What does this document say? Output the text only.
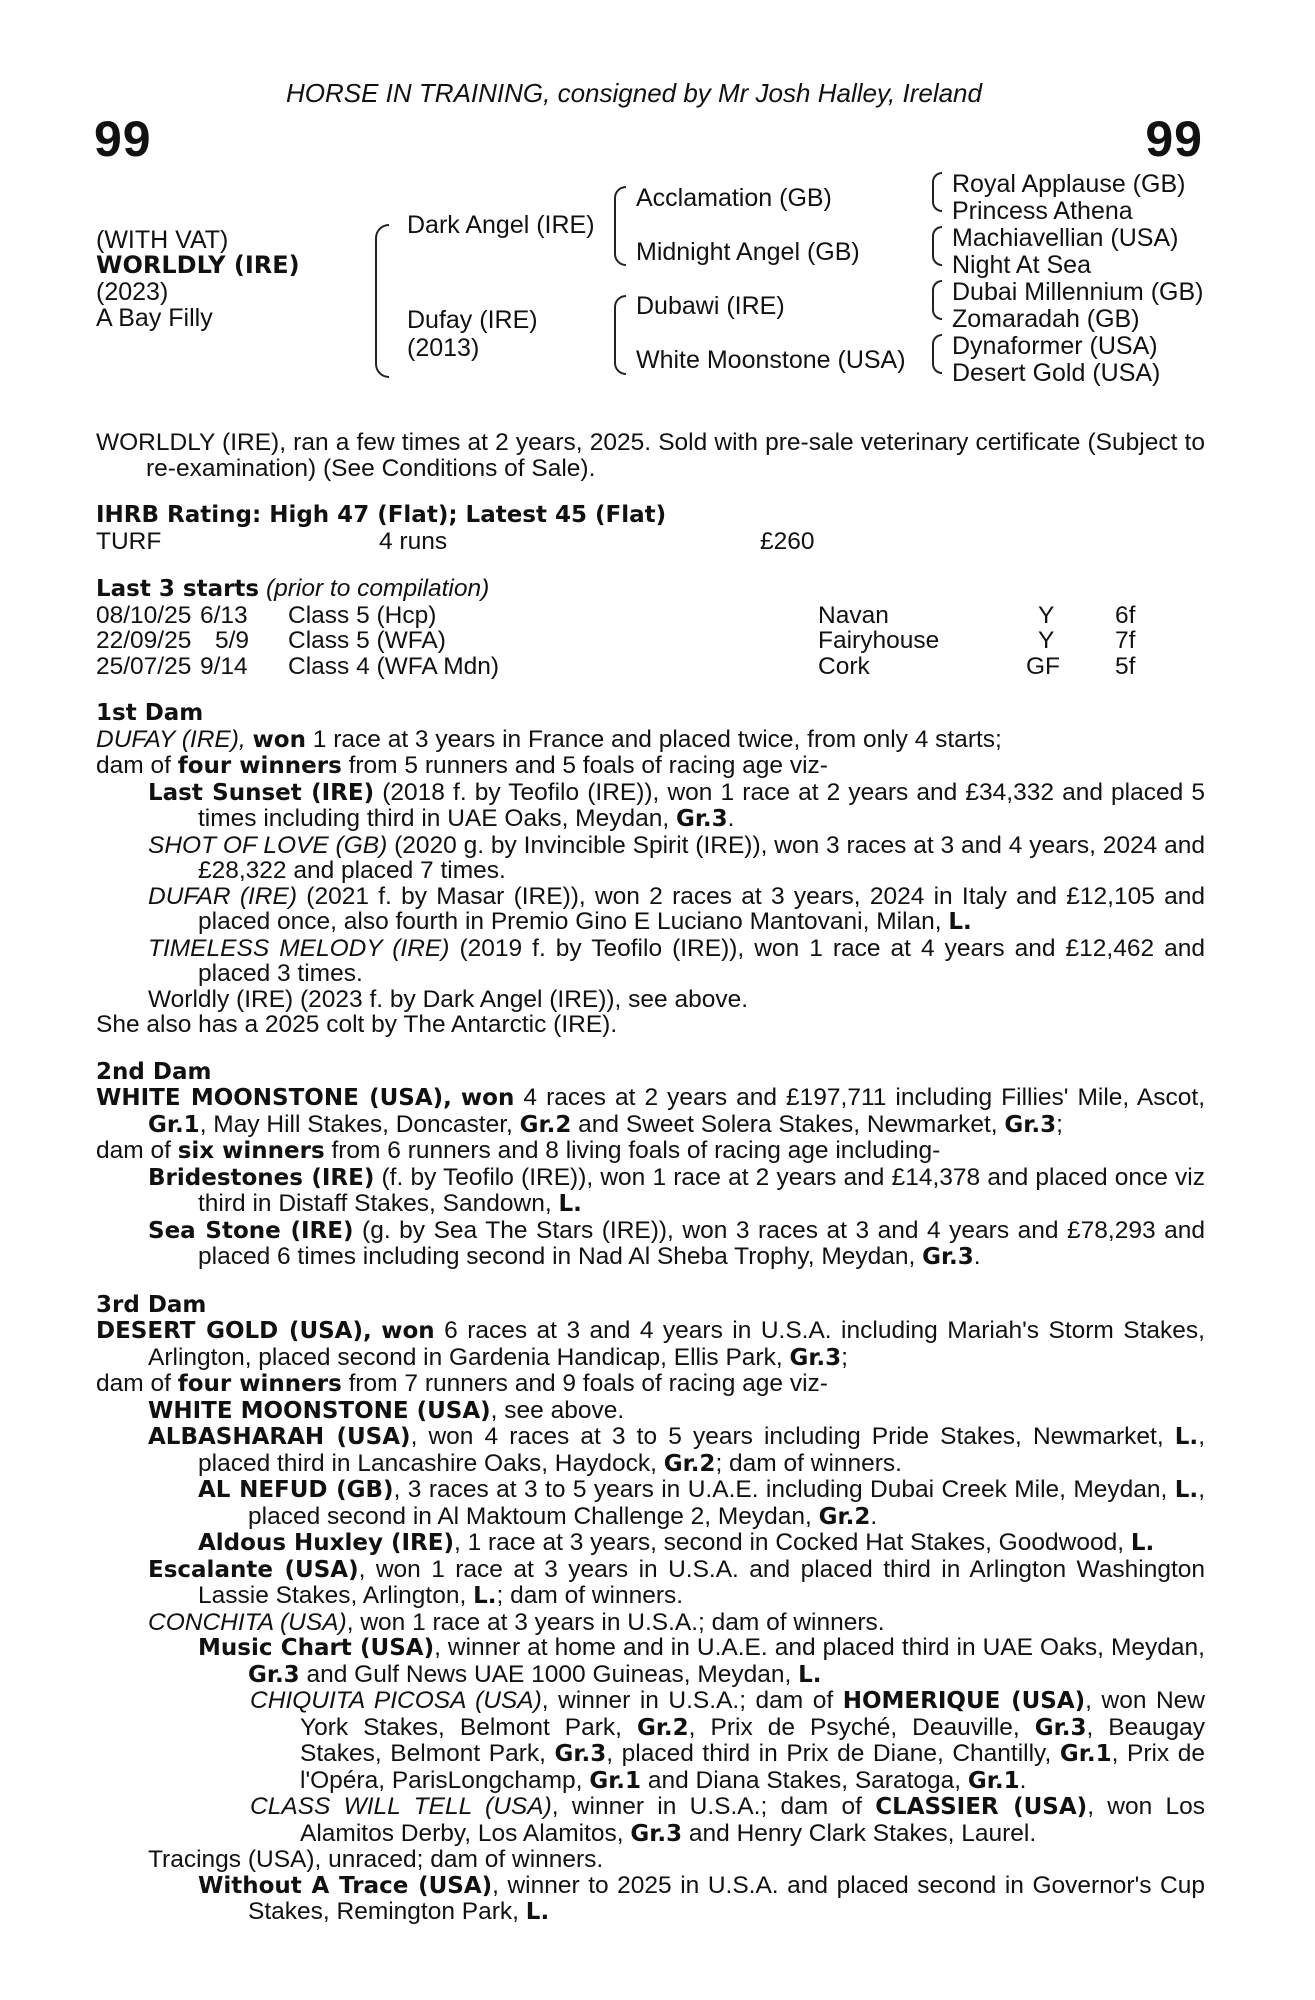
HORSE IN TRAINING, consigned by Mr Josh Halley, Ireland
99	99
(WITH VAT)
WORLDLY (IRE)
(2023)
A Bay Filly
Dark Angel (IRE)
Dufay (IRE)
(2013)
Acclamation (GB)
Midnight Angel (GB)
Dubawi (IRE)
White Moonstone (USA)
Royal Applause (GB)
Princess Athena
Machiavellian (USA)
Night At Sea
Dubai Millennium (GB)
Zomaradah (GB)
Dynaformer (USA)
Desert Gold (USA)
WORLDLY (IRE), ran a few times at 2 years, 2025. Sold with pre-sale veterinary certificate (Subject to re-examination) (See Conditions of Sale).
IHRB Rating: High 47 (Flat); Latest 45 (Flat)
TURF	4 runs	£260
Last 3 starts (prior to compilation)
08/10/25 6/13 Class 5 (Hcp)	Navan	Y 6f
22/09/25 5/9 Class 5 (WFA)	Fairyhouse	Y 7f
25/07/25 9/14 Class 4 (WFA Mdn)	Cork	GF 5f
1st Dam
DUFAY (IRE), won 1 race at 3 years in France and placed twice, from only 4 starts;
dam of four winners from 5 runners and 5 foals of racing age viz-
Last Sunset (IRE) (2018 f. by Teofilo (IRE)), won 1 race at 2 years and £34,332 and placed 5 times including third in UAE Oaks, Meydan, Gr.3.
SHOT OF LOVE (GB) (2020 g. by Invincible Spirit (IRE)), won 3 races at 3 and 4 years, 2024 and £28,322 and placed 7 times.
DUFAR (IRE) (2021 f. by Masar (IRE)), won 2 races at 3 years, 2024 in Italy and £12,105 and placed once, also fourth in Premio Gino E Luciano Mantovani, Milan, L.
TIMELESS MELODY (IRE) (2019 f. by Teofilo (IRE)), won 1 race at 4 years and £12,462 and placed 3 times.
Worldly (IRE) (2023 f. by Dark Angel (IRE)), see above.
She also has a 2025 colt by The Antarctic (IRE).
2nd Dam
WHITE MOONSTONE (USA), won 4 races at 2 years and £197,711 including Fillies' Mile, Ascot, Gr.1, May Hill Stakes, Doncaster, Gr.2 and Sweet Solera Stakes, Newmarket, Gr.3;
dam of six winners from 6 runners and 8 living foals of racing age including-
Bridestones (IRE) (f. by Teofilo (IRE)), won 1 race at 2 years and £14,378 and placed once viz third in Distaff Stakes, Sandown, L.
Sea Stone (IRE) (g. by Sea The Stars (IRE)), won 3 races at 3 and 4 years and £78,293 and placed 6 times including second in Nad Al Sheba Trophy, Meydan, Gr.3.
3rd Dam
DESERT GOLD (USA), won 6 races at 3 and 4 years in U.S.A. including Mariah's Storm Stakes, Arlington, placed second in Gardenia Handicap, Ellis Park, Gr.3;
dam of four winners from 7 runners and 9 foals of racing age viz-
WHITE MOONSTONE (USA), see above.
ALBASHARAH (USA), won 4 races at 3 to 5 years including Pride Stakes, Newmarket, L., placed third in Lancashire Oaks, Haydock, Gr.2; dam of winners.
AL NEFUD (GB), 3 races at 3 to 5 years in U.A.E. including Dubai Creek Mile, Meydan, L., placed second in Al Maktoum Challenge 2, Meydan, Gr.2.
Aldous Huxley (IRE), 1 race at 3 years, second in Cocked Hat Stakes, Goodwood, L.
Escalante (USA), won 1 race at 3 years in U.S.A. and placed third in Arlington Washington Lassie Stakes, Arlington, L.; dam of winners.
CONCHITA (USA), won 1 race at 3 years in U.S.A.; dam of winners.
Music Chart (USA), winner at home and in U.A.E. and placed third in UAE Oaks, Meydan, Gr.3 and Gulf News UAE 1000 Guineas, Meydan, L.
CHIQUITA PICOSA (USA), winner in U.S.A.; dam of HOMERIQUE (USA), won New York Stakes, Belmont Park, Gr.2, Prix de Psyché, Deauville, Gr.3, Beaugay Stakes, Belmont Park, Gr.3, placed third in Prix de Diane, Chantilly, Gr.1, Prix de l'Opéra, ParisLongchamp, Gr.1 and Diana Stakes, Saratoga, Gr.1.
CLASS WILL TELL (USA), winner in U.S.A.; dam of CLASSIER (USA), won Los Alamitos Derby, Los Alamitos, Gr.3 and Henry Clark Stakes, Laurel.
Tracings (USA), unraced; dam of winners.
Without A Trace (USA), winner to 2025 in U.S.A. and placed second in Governor's Cup Stakes, Remington Park, L.
